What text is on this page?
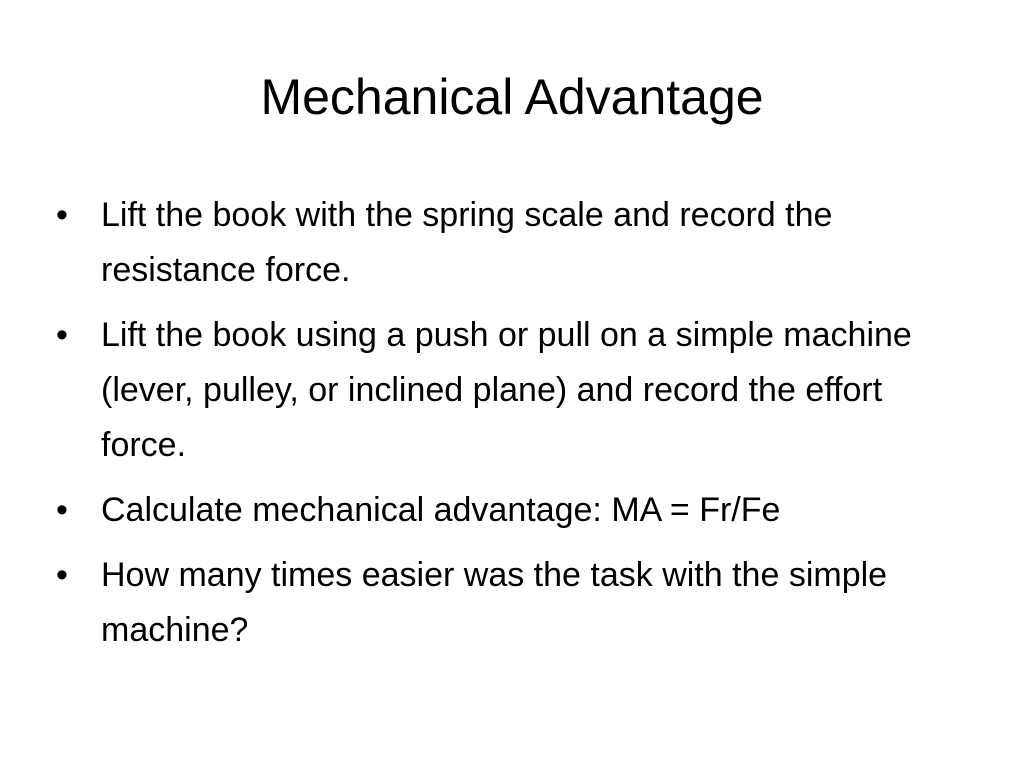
Mechanical Advantage
• Lift the book with the spring scale and record the resistance force.
• Lift the book using a push or pull on a simple machine (lever, pulley, or inclined plane) and record the effort force.
• Calculate mechanical advantage: MA = Fr/Fe
• How many times easier was the task with the simple machine?
